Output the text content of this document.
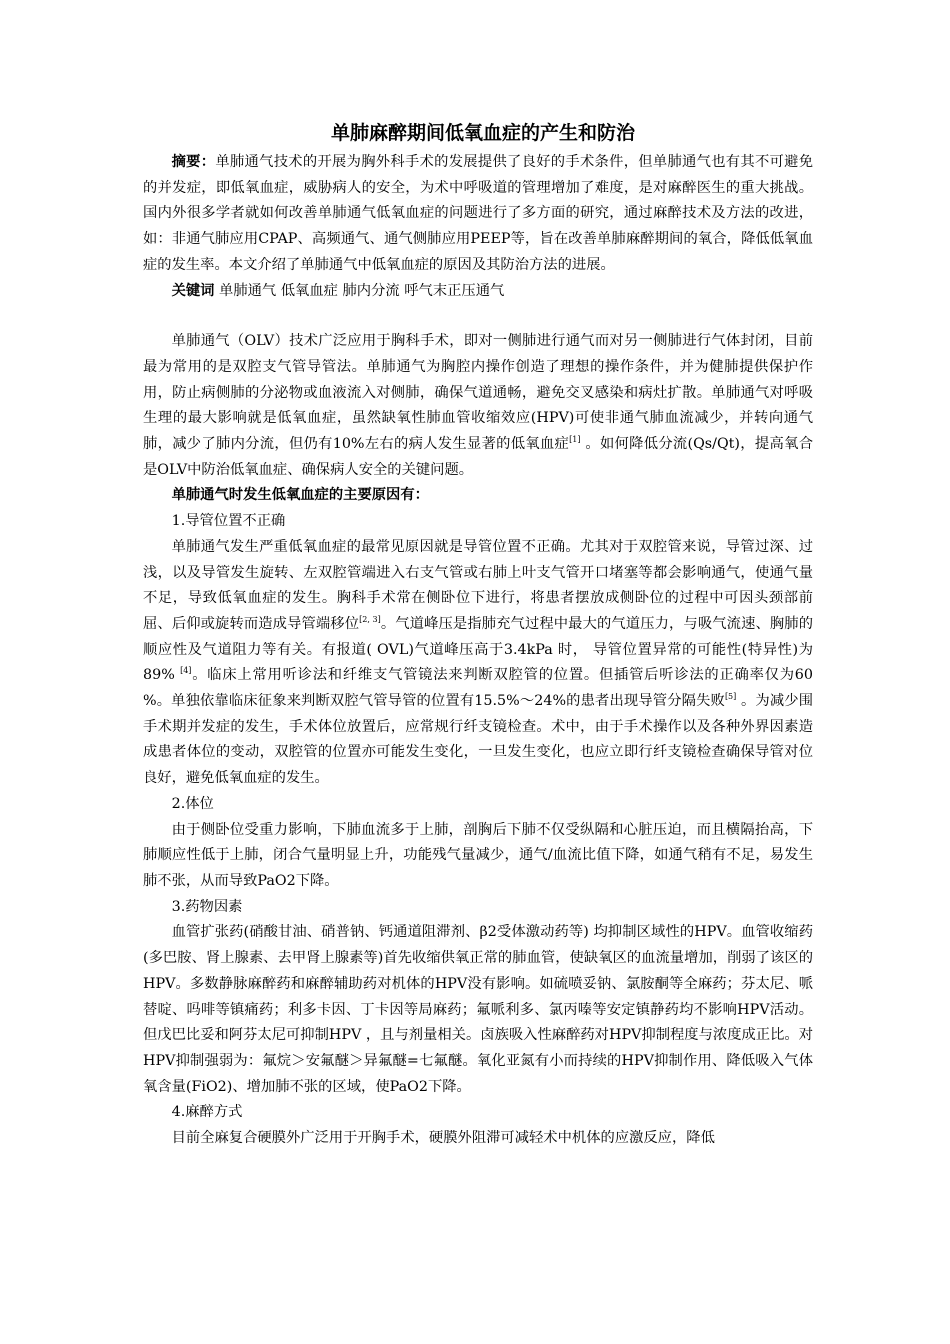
单肺麻醉期间低氧血症的产生和防治

摘要：单肺通气技术的开展为胸外科手术的发展提供了良好的手术条件，但单肺通气也有其不可避免的并发症，即低氧血症，威胁病人的安全，为术中呼吸道的管理增加了难度，是对麻醉医生的重大挑战。国内外很多学者就如何改善单肺通气低氧血症的问题进行了多方面的研究，通过麻醉技术及方法的改进，如：非通气肺应用CPAP、高频通气、通气侧肺应用PEEP等，旨在改善单肺麻醉期间的氧合，降低低氧血症的发生率。本文介绍了单肺通气中低氧血症的原因及其防治方法的进展。

关键词 单肺通气 低氧血症 肺内分流 呼气末正压通气

单肺通气（OLV）技术广泛应用于胸科手术，即对一侧肺进行通气而对另一侧肺进行气体封闭，目前最为常用的是双腔支气管导管法。单肺通气为胸腔内操作创造了理想的操作条件，并为健肺提供保护作用，防止病侧肺的分泌物或血液流入对侧肺，确保气道通畅，避免交叉感染和病灶扩散。单肺通气对呼吸生理的最大影响就是低氧血症，虽然缺氧性肺血管收缩效应(HPV)可使非通气肺血流减少，并转向通气肺，减少了肺内分流，但仍有10%左右的病人发生显著的低氧血症[1] 。如何降低分流(Qs/Qt)，提高氧合是OLV中防治低氧血症、确保病人安全的关键问题。

单肺通气时发生低氧血症的主要原因有：

1.导管位置不正确

单肺通气发生严重低氧血症的最常见原因就是导管位置不正确。尤其对于双腔管来说，导管过深、过浅，以及导管发生旋转、左双腔管端进入右支气管或右肺上叶支气管开口堵塞等都会影响通气，使通气量不足，导致低氧血症的发生。胸科手术常在侧卧位下进行，将患者摆放成侧卧位的过程中可因头颈部前屈、后仰或旋转而造成导管端移位[2, 3]。气道峰压是指肺充气过程中最大的气道压力，与吸气流速、胸肺的顺应性及气道阻力等有关。有报道( OVL)气道峰压高于3.4kPa 时， 导管位置异常的可能性(特异性)为89% [4]。临床上常用听诊法和纤维支气管镜法来判断双腔管的位置。但插管后听诊法的正确率仅为60 %。单独依靠临床征象来判断双腔气管导管的位置有15.5%～24%的患者出现导管分隔失败[5] 。为减少围手术期并发症的发生，手术体位放置后，应常规行纤支镜检查。术中，由于手术操作以及各种外界因素造成患者体位的变动，双腔管的位置亦可能发生变化，一旦发生变化，也应立即行纤支镜检查确保导管对位良好，避免低氧血症的发生。

2.体位

由于侧卧位受重力影响，下肺血流多于上肺，剖胸后下肺不仅受纵隔和心脏压迫，而且横隔抬高，下肺顺应性低于上肺，闭合气量明显上升，功能残气量减少，通气/血流比值下降，如通气稍有不足，易发生肺不张，从而导致PaO2下降。

3.药物因素

血管扩张药(硝酸甘油、硝普钠、钙通道阻滞剂、β2受体激动药等) 均抑制区域性的HPV。血管收缩药(多巴胺、肾上腺素、去甲肾上腺素等)首先收缩供氧正常的肺血管，使缺氧区的血流量增加，削弱了该区的HPV。多数静脉麻醉药和麻醉辅助药对机体的HPV没有影响。如硫喷妥钠、氯胺酮等全麻药；芬太尼、哌替啶、吗啡等镇痛药；利多卡因、丁卡因等局麻药；氟哌利多、氯丙嗪等安定镇静药均不影响HPV活动。但戊巴比妥和阿芬太尼可抑制HPV ，且与剂量相关。卤族吸入性麻醉药对HPV抑制程度与浓度成正比。对HPV抑制强弱为：氟烷＞安氟醚＞异氟醚=七氟醚。氧化亚氮有小而持续的HPV抑制作用、降低吸入气体氧含量(FiO2)、增加肺不张的区域，使PaO2下降。

4.麻醉方式

目前全麻复合硬膜外广泛用于开胸手术，硬膜外阻滞可减轻术中机体的应激反应，降低
